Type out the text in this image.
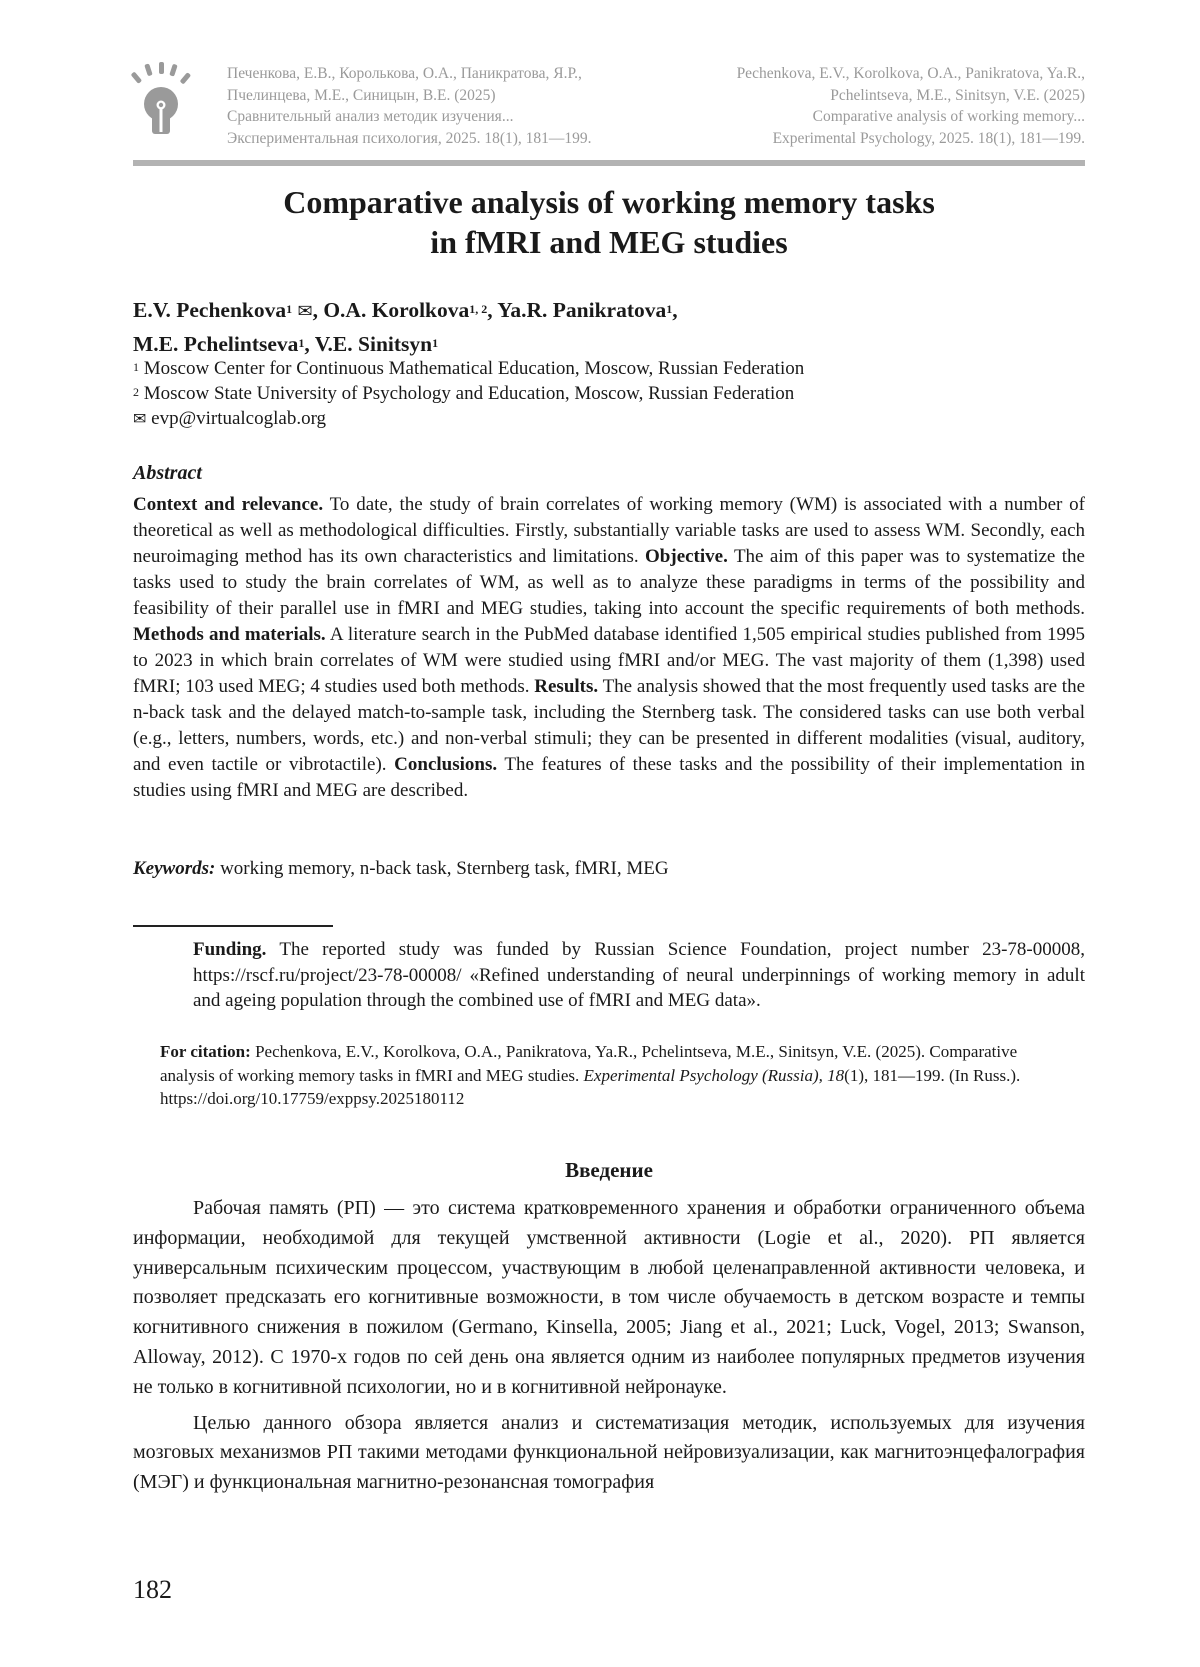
Печенкова, Е.В., Королькова, О.А., Паникратова, Я.Р.,
Пчелинцева, М.Е., Синицын, В.Е. (2025)
Сравнительный анализ методик изучения...
Экспериментальная психология, 2025. 18(1), 181—199.
Pechenkova, E.V., Korolkova, O.A., Panikratova, Ya.R.,
Pchelintseva, M.E., Sinitsyn, V.E. (2025)
Comparative analysis of working memory...
Experimental Psychology, 2025. 18(1), 181—199.
Comparative analysis of working memory tasks
in fMRI and MEG studies
E.V. Pechenkova$^1$ ✉, O.A. Korolkova$^{1, 2}$, Ya.R. Panikratova$^1$,
M.E. Pchelintseva$^1$, V.E. Sinitsyn$^1$
$^1$ Moscow Center for Continuous Mathematical Education, Moscow, Russian Federation
$^2$ Moscow State University of Psychology and Education, Moscow, Russian Federation
✉ evp@virtualcoglab.org
Abstract
Context and relevance. To date, the study of brain correlates of working memory (WM) is associated with a number of theoretical as well as methodological difficulties. Firstly, substantially variable tasks are used to assess WM. Secondly, each neuroimaging method has its own characteristics and limitations. Objective. The aim of this paper was to systematize the tasks used to study the brain correlates of WM, as well as to analyze these paradigms in terms of the possibility and feasibility of their parallel use in fMRI and MEG studies, taking into account the specific requirements of both methods. Methods and materials. A literature search in the PubMed database identified 1,505 empirical studies published from 1995 to 2023 in which brain correlates of WM were studied using fMRI and/or MEG. The vast majority of them (1,398) used fMRI; 103 used MEG; 4 studies used both methods. Results. The analysis showed that the most frequently used tasks are the n-back task and the delayed match-to-sample task, including the Sternberg task. The considered tasks can use both verbal (e.g., letters, numbers, words, etc.) and non-verbal stimuli; they can be presented in different modalities (visual, auditory, and even tactile or vibrotactile). Conclusions. The features of these tasks and the possibility of their implementation in studies using fMRI and MEG are described.
Keywords: working memory, n-back task, Sternberg task, fMRI, MEG
Funding. The reported study was funded by Russian Science Foundation, project number 23-78-00008, https://rscf.ru/project/23-78-00008/ «Refined understanding of neural underpinnings of working memory in adult and ageing population through the combined use of fMRI and MEG data».
For citation: Pechenkova, E.V., Korolkova, O.A., Panikratova, Ya.R., Pchelintseva, M.E., Sinitsyn, V.E. (2025). Comparative analysis of working memory tasks in fMRI and MEG studies. Experimental Psychology (Russia), 18(1), 181—199. (In Russ.). https://doi.org/10.17759/exppsy.2025180112
Введение

Рабочая память (РП) — это система кратковременного хранения и обработки ограниченного объема информации, необходимой для текущей умственной активности (Logie et al., 2020). РП является универсальным психическим процессом, участвующим в любой целенаправленной активности человека, и позволяет предсказать его когнитивные возможности, в том числе обучаемость в детском возрасте и темпы когнитивного снижения в пожилом (Germano, Kinsella, 2005; Jiang et al., 2021; Luck, Vogel, 2013; Swanson, Alloway, 2012). С 1970-х годов по сей день она является одним из наиболее популярных предметов изучения не только в когнитивной психологии, но и в когнитивной нейронауке.

Целью данного обзора является анализ и систематизация методик, используемых для изучения мозговых механизмов РП такими методами функциональной нейровизуализации, как магнитоэнцефалография (МЭГ) и функциональная магнитно-резонансная томография

182
